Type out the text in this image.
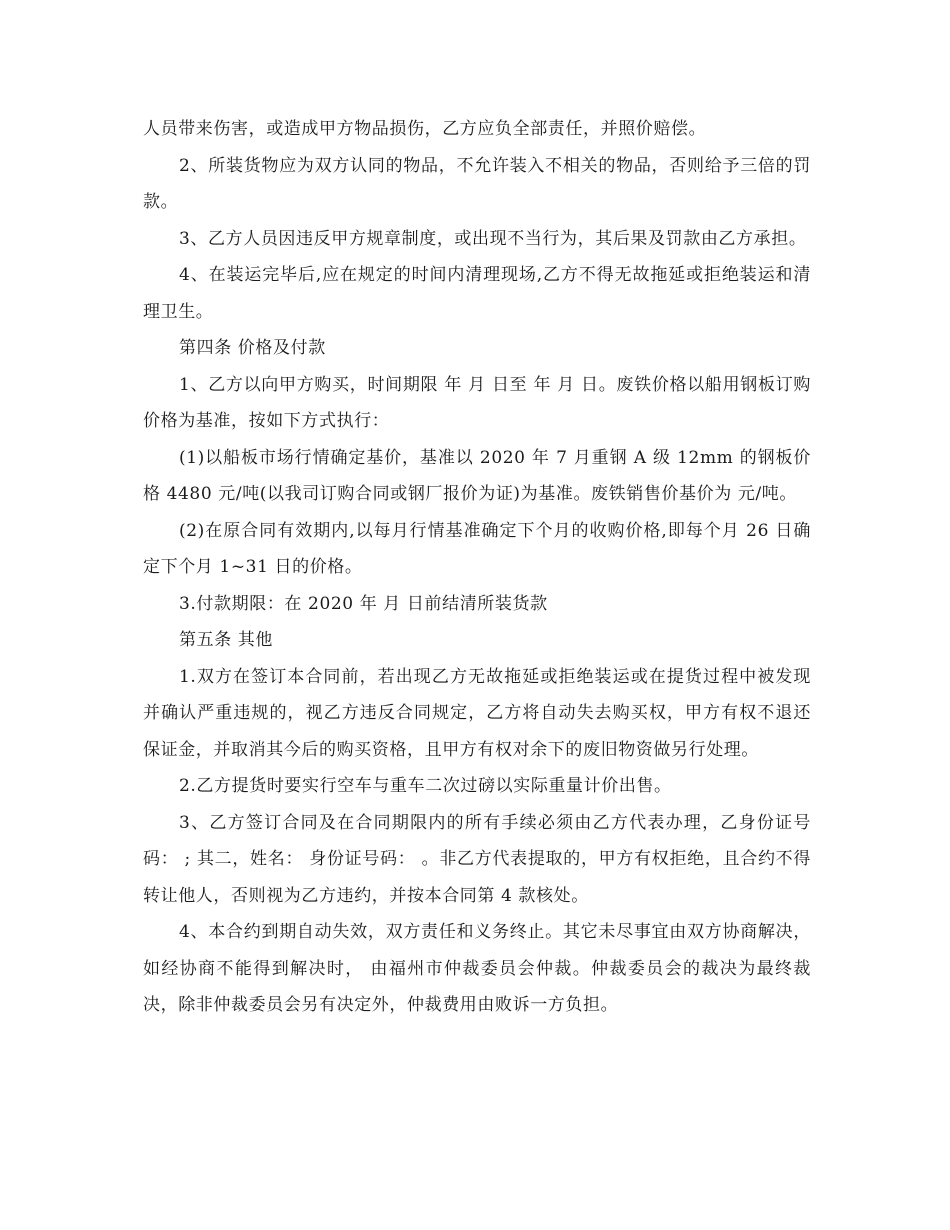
人员带来伤害，或造成甲方物品损伤，乙方应负全部责任，并照价赔偿。

2、所装货物应为双方认同的物品，不允许装入不相关的物品，否则给予三倍的罚款。

3、乙方人员因违反甲方规章制度，或出现不当行为，其后果及罚款由乙方承担。

4、在装运完毕后,应在规定的时间内清理现场,乙方不得无故拖延或拒绝装运和清理卫生。

第四条 价格及付款

1、乙方以向甲方购买，时间期限 年 月 日至 年 月 日。废铁价格以船用钢板订购价格为基准，按如下方式执行：

(1)以船板市场行情确定基价，基准以 2020 年 7 月重钢 A 级 12mm 的钢板价格 4480 元/吨(以我司订购合同或钢厂报价为证)为基准。废铁销售价基价为 元/吨。

(2)在原合同有效期内,以每月行情基准确定下个月的收购价格,即每个月 26 日确定下个月 1~31 日的价格。

3.付款期限：在 2020 年 月 日前结清所装货款

第五条 其他

1.双方在签订本合同前，若出现乙方无故拖延或拒绝装运或在提货过程中被发现并确认严重违规的，视乙方违反合同规定，乙方将自动失去购买权，甲方有权不退还保证金，并取消其今后的购买资格，且甲方有权对余下的废旧物资做另行处理。

2.乙方提货时要实行空车与重车二次过磅以实际重量计价出售。

3、乙方签订合同及在合同期限内的所有手续必须由乙方代表办理，乙身份证号码： ; 其二，姓名： 身份证号码： 。非乙方代表提取的，甲方有权拒绝，且合约不得转让他人，否则视为乙方违约，并按本合同第 4 款核处。

4、本合约到期自动失效，双方责任和义务终止。其它未尽事宜由双方协商解决，如经协商不能得到解决时， 由福州市仲裁委员会仲裁。仲裁委员会的裁决为最终裁决，除非仲裁委员会另有决定外，仲裁费用由败诉一方负担。
